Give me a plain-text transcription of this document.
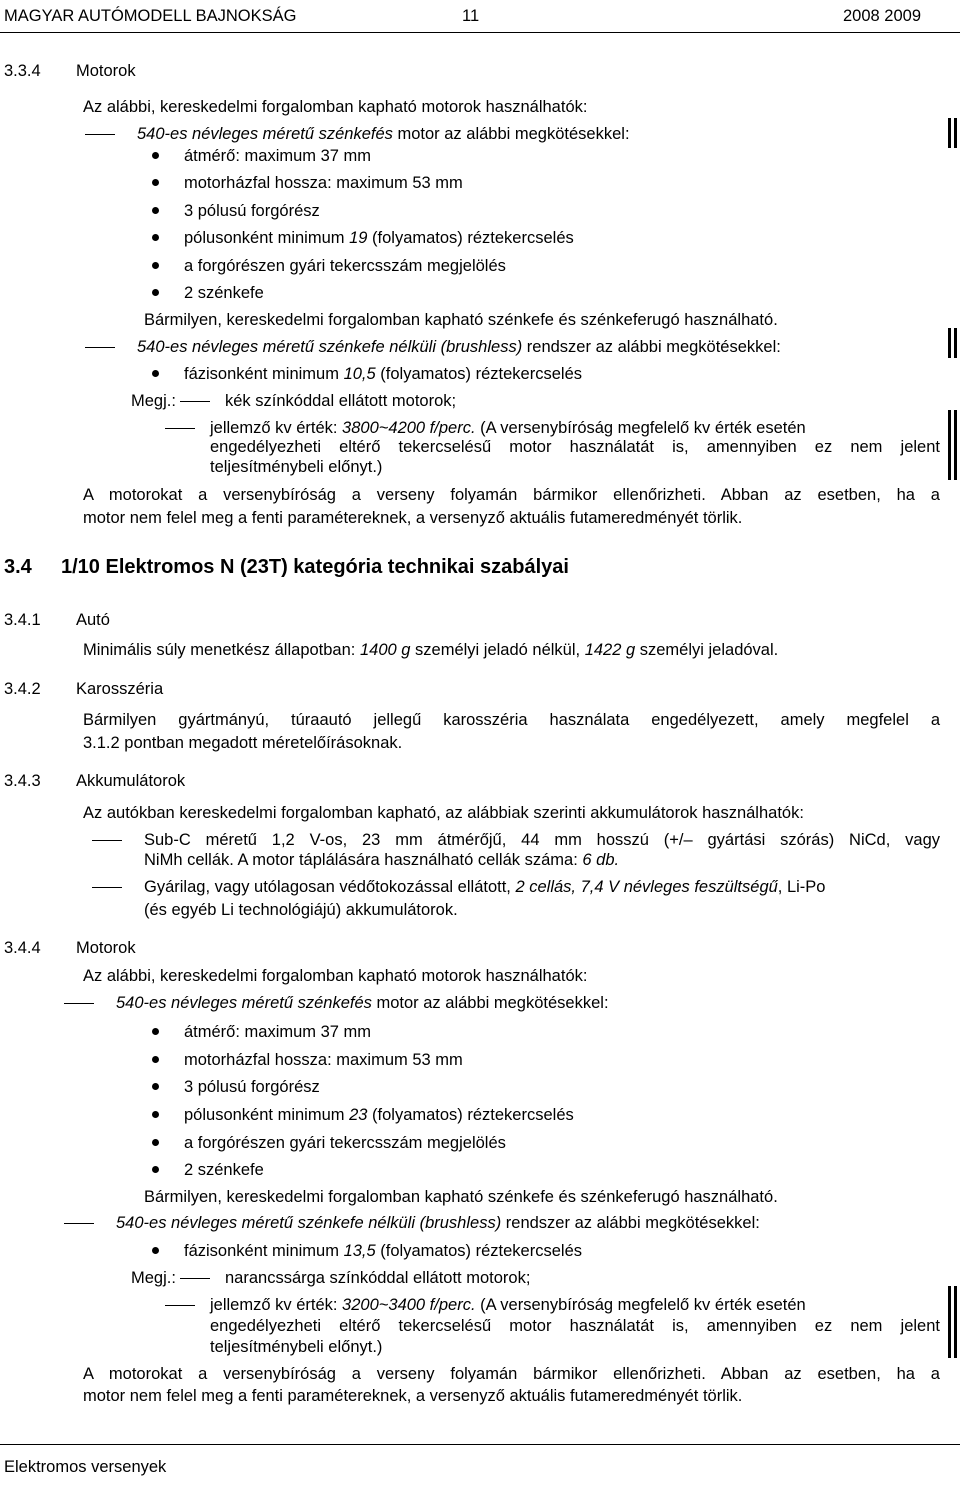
MAGYAR AUTÓMODELL BAJNOKSÁG	11	2008 2009
3.3.4 Motorok
Az alábbi, kereskedelmi forgalomban kapható motorok használhatók:
540-es névleges méretű szénkefés motor az alábbi megkötésekkel:
átmérő: maximum 37 mm
motorházfal hossza: maximum 53 mm
3 pólusú forgórész
pólusonként minimum 19 (folyamatos) réztekercselés
a forgórészen gyári tekercsszám megjelölés
2 szénkefe
Bármilyen, kereskedelmi forgalomban kapható szénkefe és szénkeferugó használható.
540-es névleges méretű szénkefe nélküli (brushless) rendszer az alábbi megkötésekkel:
fázisonként minimum 10,5 (folyamatos) réztekercselés
Megj.:	kék színkóddal ellátott motorok;
jellemző kv érték: 3800~4200 f/perc. (A versenybíróság megfelelő kv érték esetén
engedélyezheti eltérő tekercselésű motor használatát is, amennyiben ez nem jelent
teljesítménybeli előnyt.)
A motorokat a versenybíróság a verseny folyamán bármikor ellenőrizheti. Abban az esetben, ha a
motor nem felel meg a fenti paramétereknek, a versenyző aktuális futameredményét törlik.
3.4 1/10 Elektromos N (23T) kategória technikai szabályai
3.4.1 Autó
Minimális súly menetkész állapotban: 1400 g személyi jeladó nélkül, 1422 g személyi jeladóval.
3.4.2 Karosszéria
Bármilyen gyártmányú, túraautó jellegű karosszéria használata engedélyezett, amely megfelel a
3.1.2 pontban megadott méretelőírásoknak.
3.4.3 Akkumulátorok
Az autókban kereskedelmi forgalomban kapható, az alábbiak szerinti akkumulátorok használhatók:
Sub-C méretű 1,2 V-os, 23 mm átmérőjű, 44 mm hosszú (+/– gyártási szórás) NiCd, vagy
NiMh cellák. A motor táplálására használható cellák száma: 6 db.
Gyárilag, vagy utólagosan védőtokozással ellátott, 2 cellás, 7,4 V névleges feszültségű, Li-Po
(és egyéb Li technológiájú) akkumulátorok.
3.4.4 Motorok
Az alábbi, kereskedelmi forgalomban kapható motorok használhatók:
540-es névleges méretű szénkefés motor az alábbi megkötésekkel:
átmérő: maximum 37 mm
motorházfal hossza: maximum 53 mm
3 pólusú forgórész
pólusonként minimum 23 (folyamatos) réztekercselés
a forgórészen gyári tekercsszám megjelölés
2 szénkefe
Bármilyen, kereskedelmi forgalomban kapható szénkefe és szénkeferugó használható.
540-es névleges méretű szénkefe nélküli (brushless) rendszer az alábbi megkötésekkel:
fázisonként minimum 13,5 (folyamatos) réztekercselés
Megj.:	narancssárga színkóddal ellátott motorok;
jellemző kv érték: 3200~3400 f/perc. (A versenybíróság megfelelő kv érték esetén
engedélyezheti eltérő tekercselésű motor használatát is, amennyiben ez nem jelent
teljesítménybeli előnyt.)
A motorokat a versenybíróság a verseny folyamán bármikor ellenőrizheti. Abban az esetben, ha a
motor nem felel meg a fenti paramétereknek, a versenyző aktuális futameredményét törlik.
Elektromos versenyek
